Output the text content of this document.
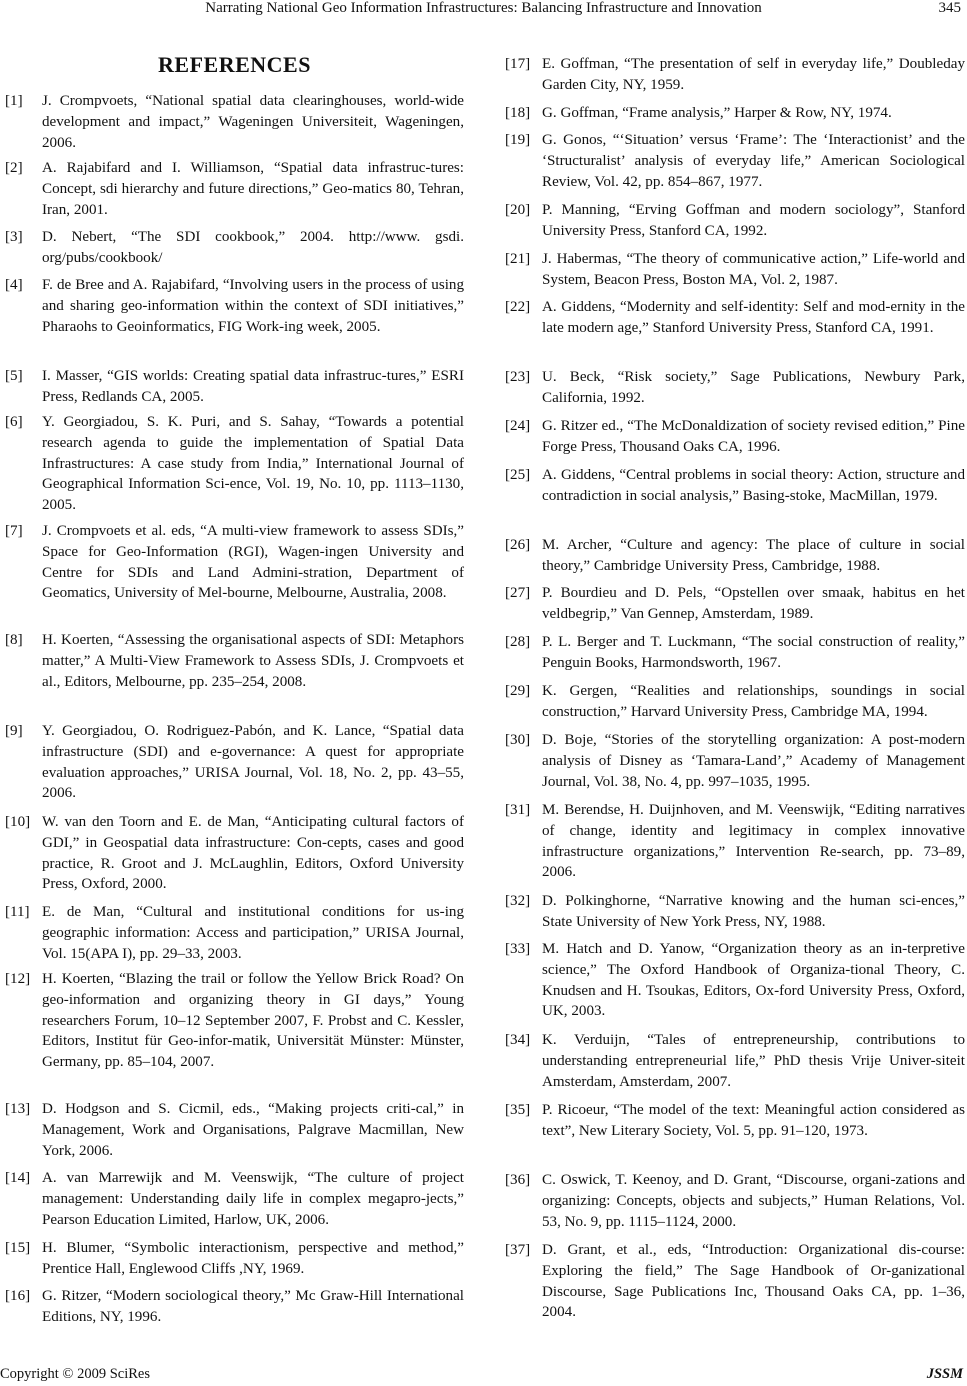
Narrating National Geo Information Infrastructures: Balancing Infrastructure and Innovation	345
REFERENCES
[1] J. Crompvoets, “National spatial data clearinghouses, world-wide development and impact,” Wageningen Universiteit, Wageningen, 2006.
[2] A. Rajabifard and I. Williamson, “Spatial data infrastruc-tures: Concept, sdi hierarchy and future directions,” Geo-matics 80, Tehran, Iran, 2001.
[3] D. Nebert, “The SDI cookbook,” 2004. http://www. gsdi. org/pubs/cookbook/
[4] F. de Bree and A. Rajabifard, “Involving users in the process of using and sharing geo-information within the context of SDI initiatives,” Pharaohs to Geoinformatics, FIG Work-ing week, 2005.
[5] I. Masser, “GIS worlds: Creating spatial data infrastruc-tures,” ESRI Press, Redlands CA, 2005.
[6] Y. Georgiadou, S. K. Puri, and S. Sahay, “Towards a potential research agenda to guide the implementation of Spatial Data Infrastructures: A case study from India,” International Journal of Geographical Information Sci-ence, Vol. 19, No. 10, pp. 1113–1130, 2005.
[7] J. Crompvoets et al. eds, “A multi-view framework to assess SDIs,” Space for Geo-Information (RGI), Wagen-ingen University and Centre for SDIs and Land Admini-stration, Department of Geomatics, University of Mel-bourne, Melbourne, Australia, 2008.
[8] H. Koerten, “Assessing the organisational aspects of SDI: Metaphors matter,” A Multi-View Framework to Assess SDIs, J. Crompvoets et al., Editors, Melbourne, pp. 235–254, 2008.
[9] Y. Georgiadou, O. Rodriguez-Pabón, and K. Lance, “Spatial data infrastructure (SDI) and e-governance: A quest for appropriate evaluation approaches,” URISA Journal, Vol. 18, No. 2, pp. 43–55, 2006.
[10] W. van den Toorn and E. de Man, “Anticipating cultural factors of GDI,” in Geospatial data infrastructure: Con-cepts, cases and good practice, R. Groot and J. McLaughlin, Editors, Oxford University Press, Oxford, 2000.
[11] E. de Man, “Cultural and institutional conditions for us-ing geographic information: Access and participation,” URISA Journal, Vol. 15(APA I), pp. 29–33, 2003.
[12] H. Koerten, “Blazing the trail or follow the Yellow Brick Road? On geo-information and organizing theory in GI days,” Young researchers Forum, 10–12 September 2007, F. Probst and C. Kessler, Editors, Institut für Geo-infor-matik, Universität Münster: Münster, Germany, pp. 85–104, 2007.
[13] D. Hodgson and S. Cicmil, eds., “Making projects criti-cal,” in Management, Work and Organisations, Palgrave Macmillan, New York, 2006.
[14] A. van Marrewijk and M. Veenswijk, “The culture of project management: Understanding daily life in complex megapro-jects,” Pearson Education Limited, Harlow, UK, 2006.
[15] H. Blumer, “Symbolic interactionism, perspective and method,” Prentice Hall, Englewood Cliffs ,NY, 1969.
[16] G. Ritzer, “Modern sociological theory,” Mc Graw-Hill International Editions, NY, 1996.
[17] E. Goffman, “The presentation of self in everyday life,” Doubleday Garden City, NY, 1959.
[18] G. Goffman, “Frame analysis,” Harper & Row, NY, 1974.
[19] G. Gonos, “‘Situation’ versus ‘Frame’: The ‘Interactionist’ and the ‘Structuralist’ analysis of everyday life,” American Sociological Review, Vol. 42, pp. 854–867, 1977.
[20] P. Manning, “Erving Goffman and modern sociology”, Stanford University Press, Stanford CA, 1992.
[21] J. Habermas, “The theory of communicative action,” Life-world and System, Beacon Press, Boston MA, Vol. 2, 1987.
[22] A. Giddens, “Modernity and self-identity: Self and mod-ernity in the late modern age,” Stanford University Press, Stanford CA, 1991.
[23] U. Beck, “Risk society,” Sage Publications, Newbury Park, California, 1992.
[24] G. Ritzer ed., “The McDonaldization of society revised edition,” Pine Forge Press, Thousand Oaks CA, 1996.
[25] A. Giddens, “Central problems in social theory: Action, structure and contradiction in social analysis,” Basing-stoke, MacMillan, 1979.
[26] M. Archer, “Culture and agency: The place of culture in social theory,” Cambridge University Press, Cambridge, 1988.
[27] P. Bourdieu and D. Pels, “Opstellen over smaak, habitus en het veldbegrip,” Van Gennep, Amsterdam, 1989.
[28] P. L. Berger and T. Luckmann, “The social construction of reality,” Penguin Books, Harmondsworth, 1967.
[29] K. Gergen, “Realities and relationships, soundings in social construction,” Harvard University Press, Cambridge MA, 1994.
[30] D. Boje, “Stories of the storytelling organization: A post-modern analysis of Disney as ‘Tamara-Land’,” Academy of Management Journal, Vol. 38, No. 4, pp. 997–1035, 1995.
[31] M. Berendse, H. Duijnhoven, and M. Veenswijk, “Editing narratives of change, identity and legitimacy in complex innovative infrastructure organizations,” Intervention Re-search, pp. 73–89, 2006.
[32] D. Polkinghorne, “Narrative knowing and the human sci-ences,” State University of New York Press, NY, 1988.
[33] M. Hatch and D. Yanow, “Organization theory as an in-terpretive science,” The Oxford Handbook of Organiza-tional Theory, C. Knudsen and H. Tsoukas, Editors, Ox-ford University Press, Oxford, UK, 2003.
[34] K. Verduijn, “Tales of entrepreneurship, contributions to understanding entrepreneurial life,” PhD thesis Vrije Univer-siteit Amsterdam, Amsterdam, 2007.
[35] P. Ricoeur, “The model of the text: Meaningful action considered as text”, New Literary Society, Vol. 5, pp. 91–120, 1973.
[36] C. Oswick, T. Keenoy, and D. Grant, “Discourse, organi-zations and organizing: Concepts, objects and subjects,” Human Relations, Vol. 53, No. 9, pp. 1115–1124, 2000.
[37] D. Grant, et al., eds, “Introduction: Organizational dis-course: Exploring the field,” The Sage Handbook of Or-ganizational Discourse, Sage Publications Inc, Thousand Oaks CA, pp. 1–36, 2004.
Copyright © 2009 SciRes	JSSM
